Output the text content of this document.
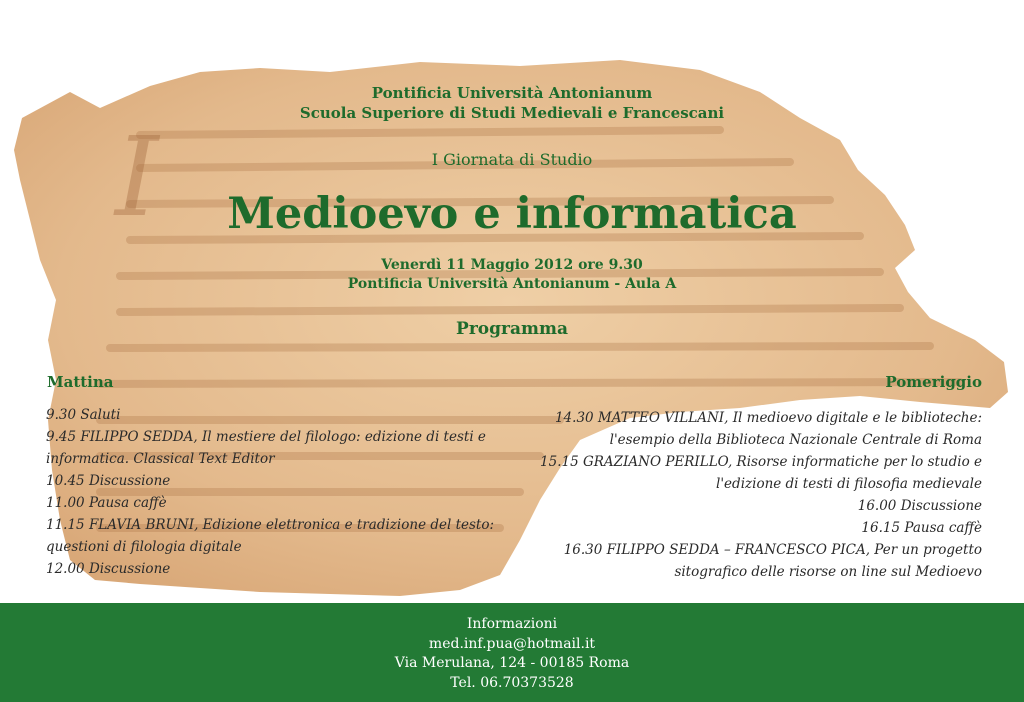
I
Pontificia Università Antonianum
Scuola Superiore di Studi Medievali e Francescani
I Giornata di Studio
Medioevo e informatica
Venerdì 11 Maggio 2012 ore 9.30
Pontificia Università Antonianum - Aula A
Programma
Mattina	Pomeriggio
9.30 Saluti
9.45 FILIPPO SEDDA, Il mestiere del filologo: edizione di testi e
informatica. Classical Text Editor
10.45 Discussione
11.00 Pausa caffè
11.15 FLAVIA BRUNI, Edizione elettronica e tradizione del testo:
questioni di filologia digitale
12.00 Discussione
14.30 MATTEO VILLANI, Il medioevo digitale e le biblioteche:
l'esempio della Biblioteca Nazionale Centrale di Roma
15.15 GRAZIANO PERILLO, Risorse informatiche per lo studio e
l'edizione di testi di filosofia medievale
16.00 Discussione
16.15 Pausa caffè
16.30 FILIPPO SEDDA – FRANCESCO PICA, Per un progetto
sitografico delle risorse on line sul Medioevo
Informazioni
med.inf.pua@hotmail.it
Via Merulana, 124 - 00185 Roma
Tel. 06.70373528
